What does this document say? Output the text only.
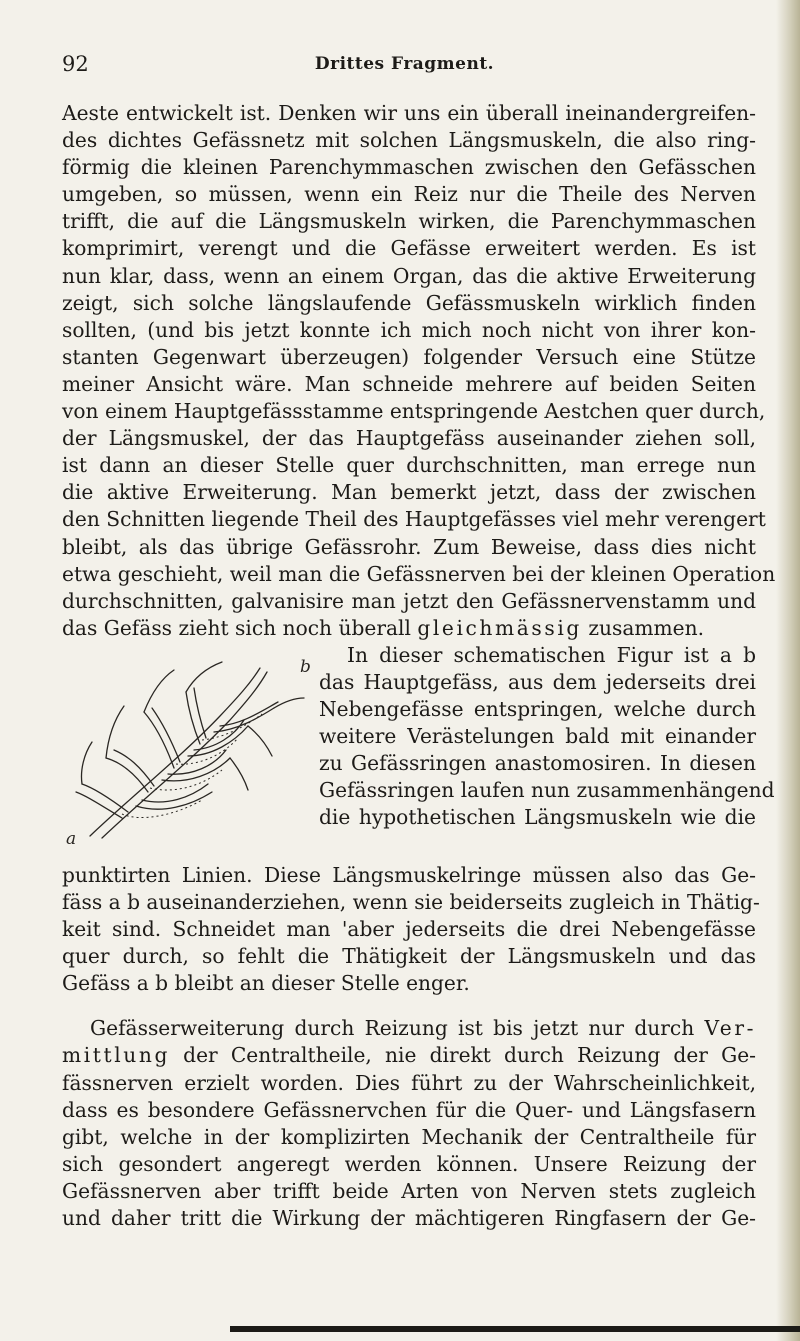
92	Drittes Fragment.

Aeste entwickelt ist. Denken wir uns ein überall ineinandergreifen-
des dichtes Gefässnetz mit solchen Längsmuskeln, die also ring-
förmig die kleinen Parenchymmaschen zwischen den Gefässchen
umgeben, so müssen, wenn ein Reiz nur die Theile des Nerven
trifft, die auf die Längsmuskeln wirken, die Parenchymmaschen
komprimirt, verengt und die Gefässe erweitert werden. Es ist
nun klar, dass, wenn an einem Organ, das die aktive Erweiterung
zeigt, sich solche längslaufende Gefässmuskeln wirklich finden
sollten, (und bis jetzt konnte ich mich noch nicht von ihrer kon-
stanten Gegenwart überzeugen) folgender Versuch eine Stütze
meiner Ansicht wäre. Man schneide mehrere auf beiden Seiten
von einem Hauptgefässstamme entspringende Aestchen quer durch,
der Längsmuskel, der das Hauptgefäss auseinander ziehen soll,
ist dann an dieser Stelle quer durchschnitten, man errege nun
die aktive Erweiterung. Man bemerkt jetzt, dass der zwischen
den Schnitten liegende Theil des Hauptgefässes viel mehr verengert
bleibt, als das übrige Gefässrohr. Zum Beweise, dass dies nicht
etwa geschieht, weil man die Gefässnerven bei der kleinen Operation
durchschnitten, galvanisire man jetzt den Gefässnervenstamm und
das Gefäss zieht sich noch überall gleichmässig zusammen.

a
b	In dieser schematischen Figur ist a b
das Hauptgefäss, aus dem jederseits drei
Nebengefässe entspringen, welche durch
weitere Verästelungen bald mit einander
zu Gefässringen anastomosiren. In diesen
Gefässringen laufen nun zusammenhängend
die hypothetischen Längsmuskeln wie die

punktirten Linien. Diese Längsmuskelringe müssen also das Ge-
fäss a b auseinanderziehen, wenn sie beiderseits zugleich in Thätig-
keit sind. Schneidet man 'aber jederseits die drei Nebengefässe
quer durch, so fehlt die Thätigkeit der Längsmuskeln und das
Gefäss a b bleibt an dieser Stelle enger.

Gefässerweiterung durch Reizung ist bis jetzt nur durch Ver-
mittlung der Centraltheile, nie direkt durch Reizung der Ge-
fässnerven erzielt worden. Dies führt zu der Wahrscheinlichkeit,
dass es besondere Gefässnervchen für die Quer- und Längsfasern
gibt, welche in der komplizirten Mechanik der Centraltheile für
sich gesondert angeregt werden können. Unsere Reizung der
Gefässnerven aber trifft beide Arten von Nerven stets zugleich
und daher tritt die Wirkung der mächtigeren Ringfasern der Ge-
